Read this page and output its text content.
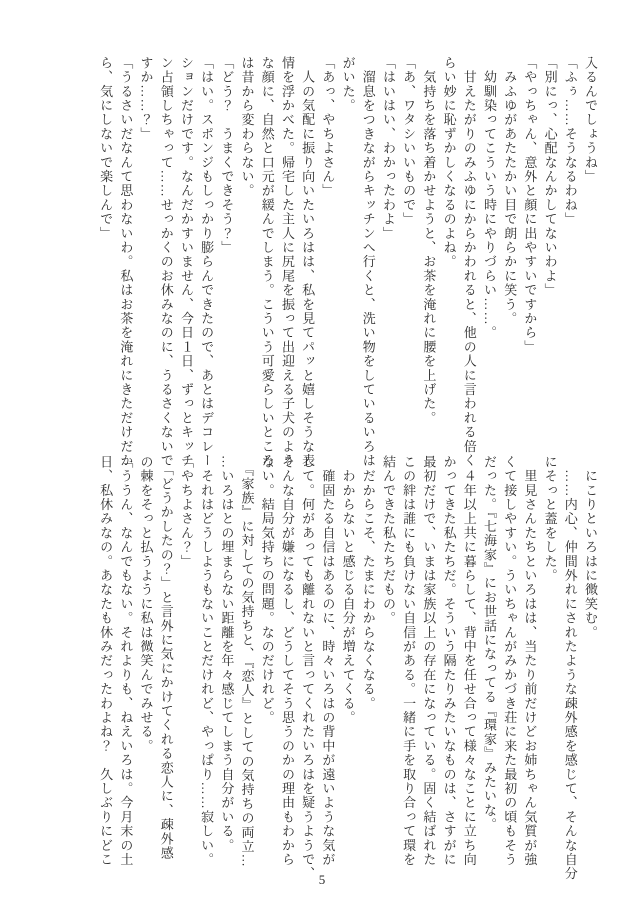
入るんでしょうね」

「ふぅ……そうなるわね」

「別にっ、心配なんかしてないわよ」

「やっちゃん、意外と顔に出やすいですから」

　みふゆがあたたかい目で朗らかに笑う。

　幼馴染ってこういう時にやりづらい……。

　甘えたがりのみふゆにからかわれると、他の人に言われる倍く

らい妙に恥ずかしくなるのよね。

　気持ちを落ち着かせようと、お茶を淹れに腰を上げた。

「あ、ワタシいいもので」

「はいはい、わかったわよ」

　溜息をつきながらキッチンへ行くと、洗い物をしているいろは

がいた。

「あっ、やちよさん」

　人の気配に振り向いたいろはは、私を見てパッと嬉しそうな表

情を浮かべた。帰宅した主人に尻尾を振って出迎える子犬のよう

な顔に、自然と口元が緩んでしまう。こういう可愛らしいところ

は昔から変わらない。

「どう？　うまくできそう？」

「はい。スポンジもしっかり膨らんできたので、あとはデコレー

ションだけです。なんだかすいません、今日１日、ずっとキッチ

ン占領しちゃって……せっかくのお休みなのに、うるさくないで

すか……？」

「うるさいだなんて思わないわ。私はお茶を淹れにきただけだか

ら、気にしないで楽しんで」

　にこりといろはに微笑む。

　……内心、仲間外れにされたような疎外感を感じて、そんな自分

にそっと蓋をした。

　里見さんたちといろはは、当たり前だけどお姉ちゃん気質が強

くて接しやすい。ういちゃんがみかづき荘に来た最初の頃もそう

だった。『七海家』にお世話になってる『環家』みたいな。

　４年以上共に暮らして、背中を任せ合って様々なことに立ち向

かってきた私たちだ。そういう隔たりみたいなものは、さすがに

最初だけで、いまは家族以上の存在になっている。固く結ばれた

この絆は誰にも負けない自信がある。一緒に手を取り合って環を

結んできた私たちだもの。

　だからこそ、たまにわからなくなる。

　わからないと感じる自分が増えてくる。

　確固たる自信はあるのに、時々いろはの背中が遠いような気が

して。何があっても離れないと言ってくれたいろはを疑うようで、

そんな自分が嫌になるし、どうしてそう思うのかの理由もわから

ない。結局気持ちの問題。なのだけれど。

　『家族』に対しての気持ちと、『恋人』としての気持ちの両立…

…いろはとの埋まらない距離を年々感じてしまう自分がいる。

　それはどうしようもないことだけれど、やっぱり……寂しい。

「やちよさん？」

　「どうかしたの？」と言外に気にかけてくれる恋人に、疎外感

の棘をそっと払うように私は微笑んでみせる。

「ううん、なんでもない。それよりも、ねえいろは。今月末の土

日、私休みなの。あなたも休みだったわよね？　久しぶりにどこ

5
